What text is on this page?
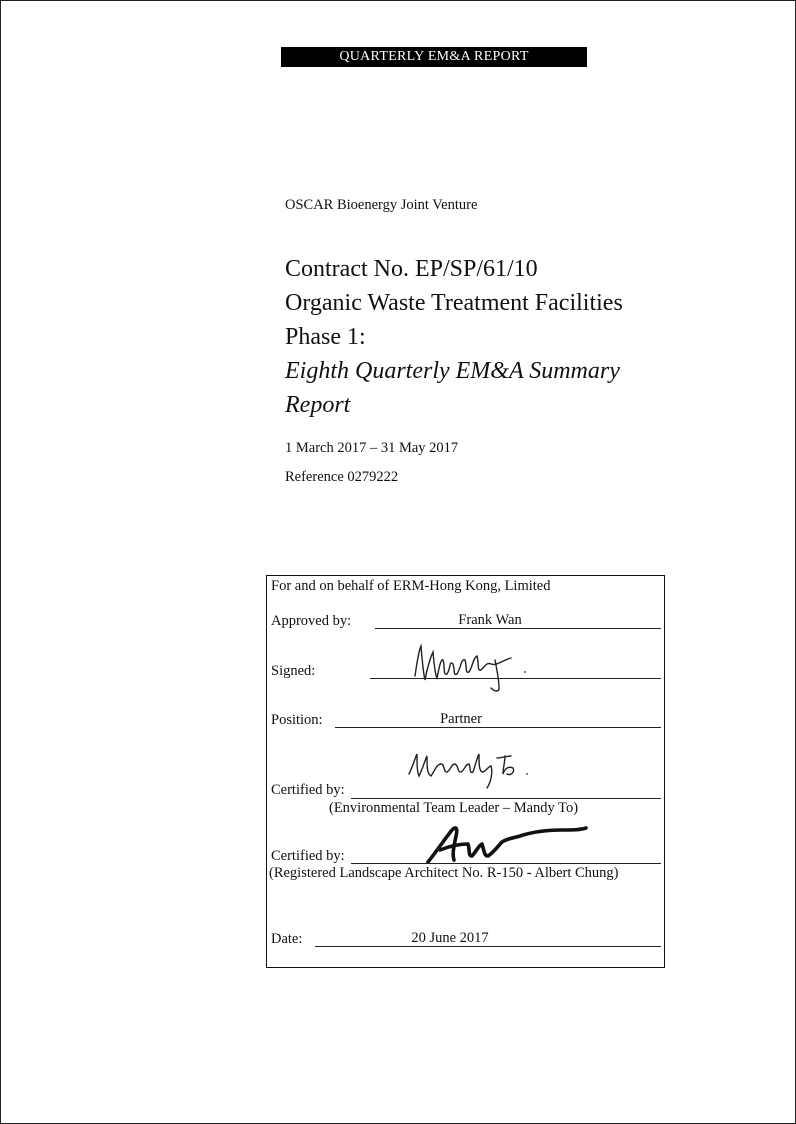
QUARTERLY EM&A REPORT
OSCAR Bioenergy Joint Venture
Contract No. EP/SP/61/10
Organic Waste Treatment Facilities
Phase 1:
Eighth Quarterly EM&A Summary
Report
1 March 2017 – 31 May 2017
Reference 0279222
For and on behalf of ERM-Hong Kong, Limited
Approved by:	Frank Wan
Signed:
Position:	Partner
Certified by:
(Environmental Team Leader – Mandy To)
Certified by:
(Registered Landscape Architect No. R-150 - Albert Chung)
Date:	20 June 2017
